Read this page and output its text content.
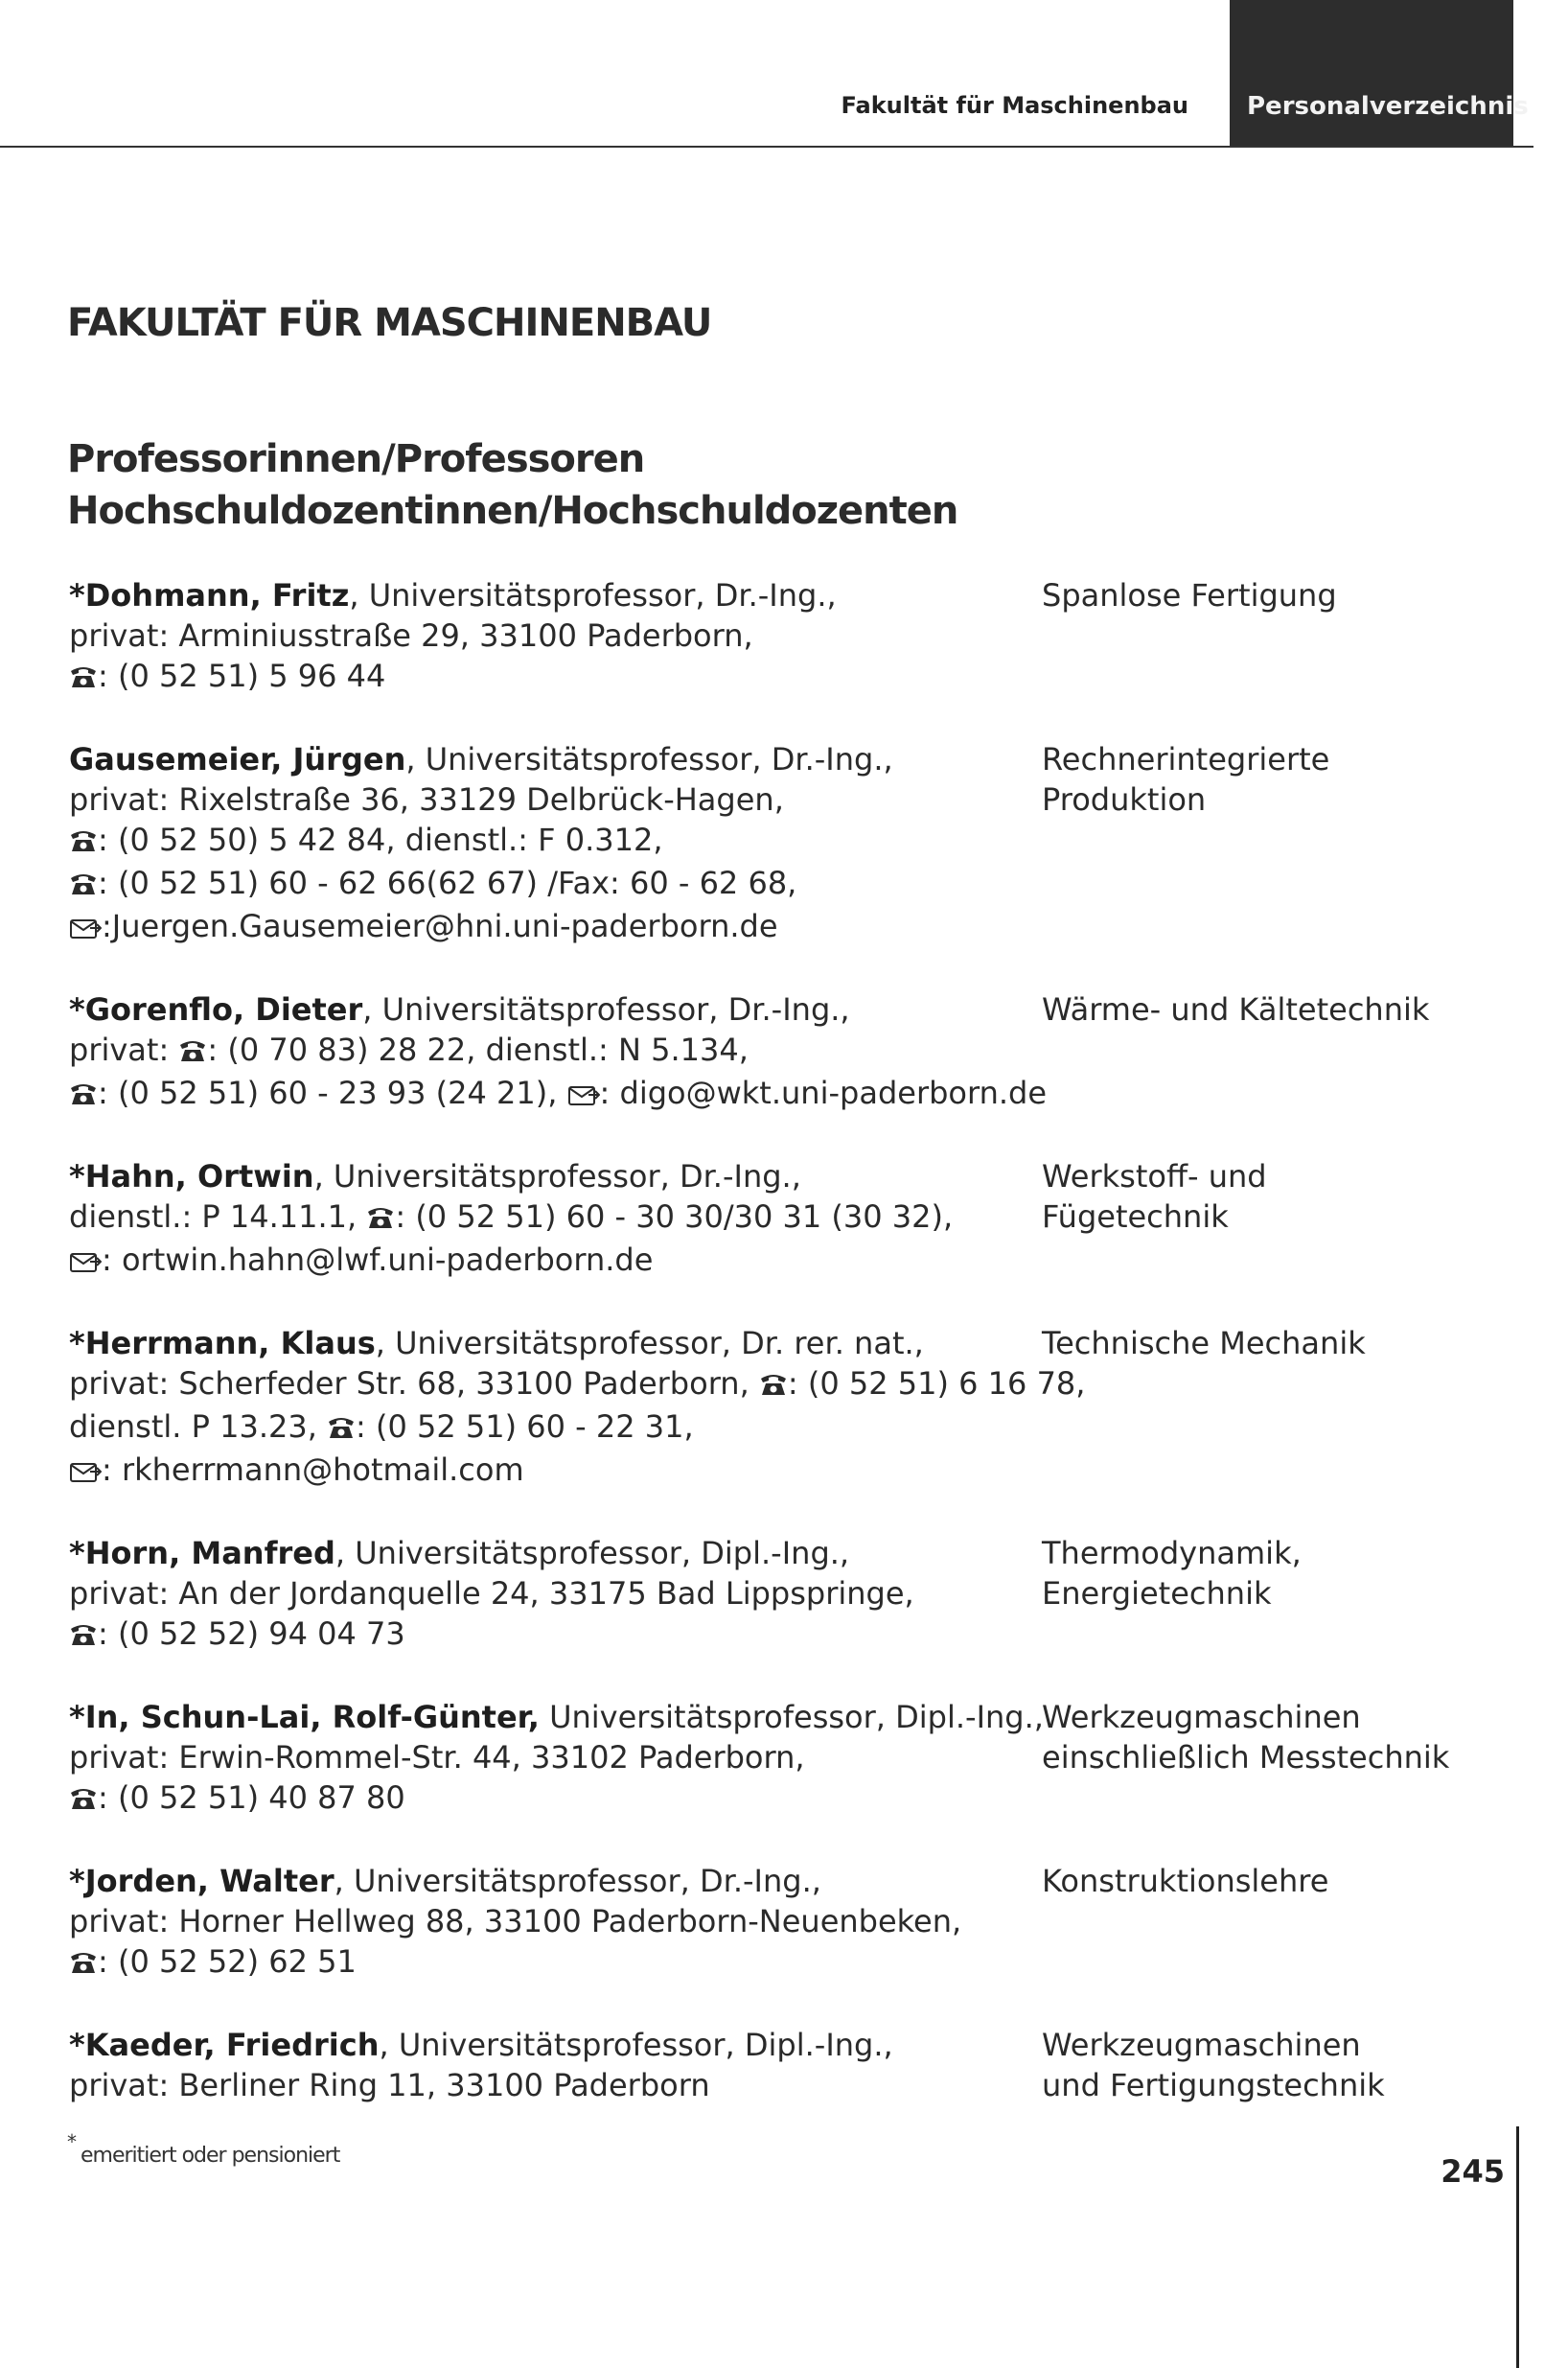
Fakultät für Maschinenbau Personalverzeichnis
FAKULTÄT FÜR MASCHINENBAU
Professorinnen/Professoren
Hochschuldozentinnen/Hochschuldozenten
*Dohmann, Fritz, Universitätsprofessor, Dr.-Ing.,
privat: Arminiusstraße 29, 33100 Paderborn,
: (0 52 51) 5 96 44
Spanlose Fertigung
Gausemeier, Jürgen, Universitätsprofessor, Dr.-Ing.,
privat: Rixelstraße 36, 33129 Delbrück-Hagen,
: (0 52 50) 5 42 84, dienstl.: F 0.312,
: (0 52 51) 60 - 62 66(62 67) /Fax: 60 - 62 68,
:Juergen.Gausemeier@hni.uni-paderborn.de
Rechnerintegrierte
Produktion
*Gorenflo, Dieter, Universitätsprofessor, Dr.-Ing.,
privat: : (0 70 83) 28 22, dienstl.: N 5.134,
: (0 52 51) 60 - 23 93 (24 21), : digo@wkt.uni-paderborn.de
Wärme- und Kältetechnik
*Hahn, Ortwin, Universitätsprofessor, Dr.-Ing.,
dienstl.: P 14.11.1, : (0 52 51) 60 - 30 30/30 31 (30 32),
: ortwin.hahn@lwf.uni-paderborn.de
Werkstoff- und
Fügetechnik
*Herrmann, Klaus, Universitätsprofessor, Dr. rer. nat.,
privat: Scherfeder Str. 68, 33100 Paderborn, : (0 52 51) 6 16 78,
dienstl. P 13.23, : (0 52 51) 60 - 22 31,
: rkherrmann@hotmail.com
Technische Mechanik
*Horn, Manfred, Universitätsprofessor, Dipl.-Ing.,
privat: An der Jordanquelle 24, 33175 Bad Lippspringe,
: (0 52 52) 94 04 73
Thermodynamik,
Energietechnik
*In, Schun-Lai, Rolf-Günter, Universitätsprofessor, Dipl.-Ing.,
privat: Erwin-Rommel-Str. 44, 33102 Paderborn,
: (0 52 51) 40 87 80
Werkzeugmaschinen
einschließlich Messtechnik
*Jorden, Walter, Universitätsprofessor, Dr.-Ing.,
privat: Horner Hellweg 88, 33100 Paderborn-Neuenbeken,
: (0 52 52) 62 51
Konstruktionslehre
*Kaeder, Friedrich, Universitätsprofessor, Dipl.-Ing.,
privat: Berliner Ring 11, 33100 Paderborn
Werkzeugmaschinen
und Fertigungstechnik
*
emeritiert oder pensioniert	245
